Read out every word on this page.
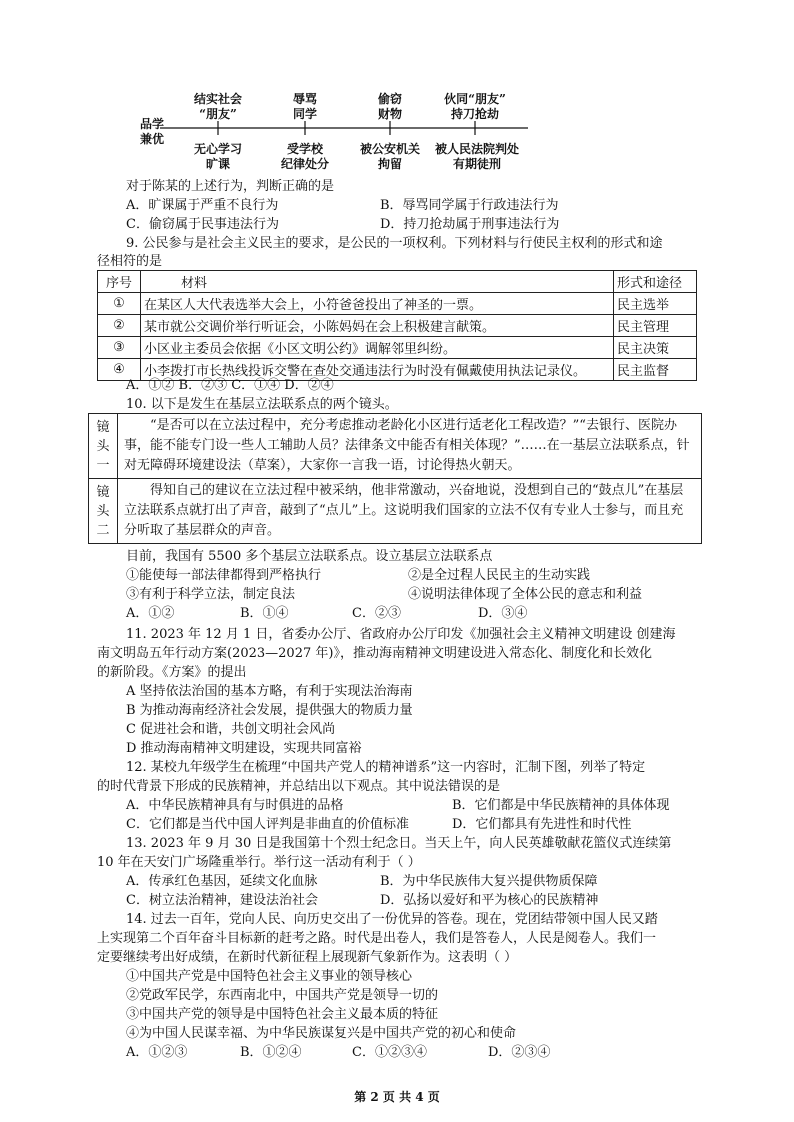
品学
兼优
结实社会
“朋友”
辱骂
同学
偷窃
财物
伙同“朋友”
持刀抢劫
无心学习
旷课
受学校
纪律处分
被公安机关
拘留
被人民法院判处
有期徒刑
对于陈某的上述行为，判断正确的是
A．旷课属于严重不良行为	B．辱骂同学属于行政违法行为
C．偷窃属于民事违法行为	D．持刀抢劫属于刑事违法行为
9. 公民参与是社会主义民主的要求，是公民的一项权利。下列材料与行使民主权利的形式和途
径相符的是
序号	材料	形式和途径
①	在某区人大代表选举大会上，小符爸爸投出了神圣的一票。	民主选举
②	某市就公交调价举行听证会，小陈妈妈在会上积极建言献策。	民主管理
③	小区业主委员会依据《小区文明公约》调解邻里纠纷。	民主决策
④	小李拨打市长热线投诉交警在查处交通违法行为时没有佩戴使用执法记录仪。	民主监督
A．①② B．②③ C．①④ D．②④
10. 以下是发生在基层立法联系点的两个镜头。
镜
头
一	“是否可以在立法过程中，充分考虑推动老龄化小区进行适老化工程改造？”“去银行、医院办事，能不能专门设一些人工辅助人员？法律条文中能否有相关体现？”……在一基层立法联系点，针对无障碍环境建设法（草案），大家你一言我一语，讨论得热火朝天。

镜
头
二	得知自己的建议在立法过程中被采纳，他非常激动，兴奋地说，没想到自己的“鼓点儿”在基层立法联系点就打出了声音，敲到了“点儿”上。这说明我们国家的立法不仅有专业人士参与，而且充分听取了基层群众的声音。
目前，我国有 5500 多个基层立法联系点。设立基层立法联系点
①能使每一部法律都得到严格执行	②是全过程人民民主的生动实践
③有利于科学立法，制定良法	④说明法律体现了全体公民的意志和利益
A．①②	B．①④	C．②③	D．③④
11. 2023 年 12 月 1 日，省委办公厅、省政府办公厅印发《加强社会主义精神文明建设 创建海
南文明岛五年行动方案(2023—2027 年)》，推动海南精神文明建设进入常态化、制度化和长效化
的新阶段。《方案》的提出
A 坚持依法治国的基本方略，有利于实现法治海南
B 为推动海南经济社会发展，提供强大的物质力量
C 促进社会和谐，共创文明社会风尚
D 推动海南精神文明建设，实现共同富裕
12. 某校九年级学生在梳理“中国共产党人的精神谱系”这一内容时，汇制下图，列举了特定
的时代背景下形成的民族精神，并总结出以下观点。其中说法错误的是
A．中华民族精神具有与时俱进的品格	B．它们都是中华民族精神的具体体现
C．它们都是当代中国人评判是非曲直的价值标准	D．它们都具有先进性和时代性
13. 2023 年 9 月 30 日是我国第十个烈士纪念日。当天上午，向人民英雄敬献花篮仪式连续第
10 年在天安门广场隆重举行。举行这一活动有利于（ ）
A．传承红色基因，延续文化血脉	B．为中华民族伟大复兴提供物质保障
C．树立法治精神，建设法治社会	D．弘扬以爱好和平为核心的民族精神
14. 过去一百年，党向人民、向历史交出了一份优异的答卷。现在，党团结带领中国人民又踏
上实现第二个百年奋斗目标新的赶考之路。时代是出卷人，我们是答卷人，人民是阅卷人。我们一
定要继续考出好成绩，在新时代新征程上展现新气象新作为。这表明（ ）
①中国共产党是中国特色社会主义事业的领导核心
②党政军民学，东西南北中，中国共产党是领导一切的
③中国共产党的领导是中国特色社会主义最本质的特征
④为中国人民谋幸福、为中华民族谋复兴是中国共产党的初心和使命
A．①②③	B．①②④	C．①②③④	D．②③④
第 2 页 共 4 页
